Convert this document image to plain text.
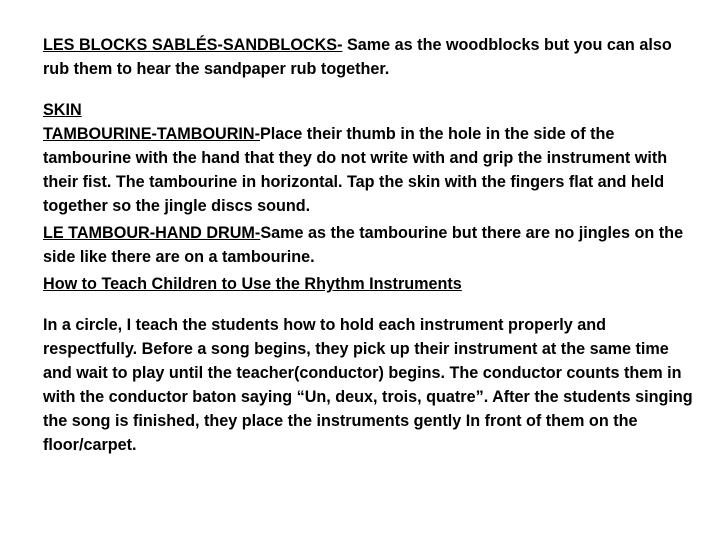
LES BLOCKS SABLÉS-SANDBLOCKS- Same as the woodblocks but you can also rub them to hear the sandpaper rub together.

SKIN

TAMBOURINE-TAMBOURIN-Place their thumb in the hole in the side of the tambourine with the hand that they do not write with and grip the instrument with their fist. The tambourine in horizontal. Tap the skin with the fingers flat and held together so the jingle discs sound.

LE TAMBOUR-HAND DRUM-Same as the tambourine but there are no jingles on the side like there are on a tambourine.

How to Teach Children to Use the Rhythm Instruments

In a circle, I teach the students how to hold each instrument properly and respectfully. Before a song begins, they pick up their instrument at the same time and wait to play until the teacher(conductor) begins. The conductor counts them in with the conductor baton saying “Un, deux, trois, quatre”. After the students singing the song is finished, they place the instruments gently In front of them on the floor/carpet.
